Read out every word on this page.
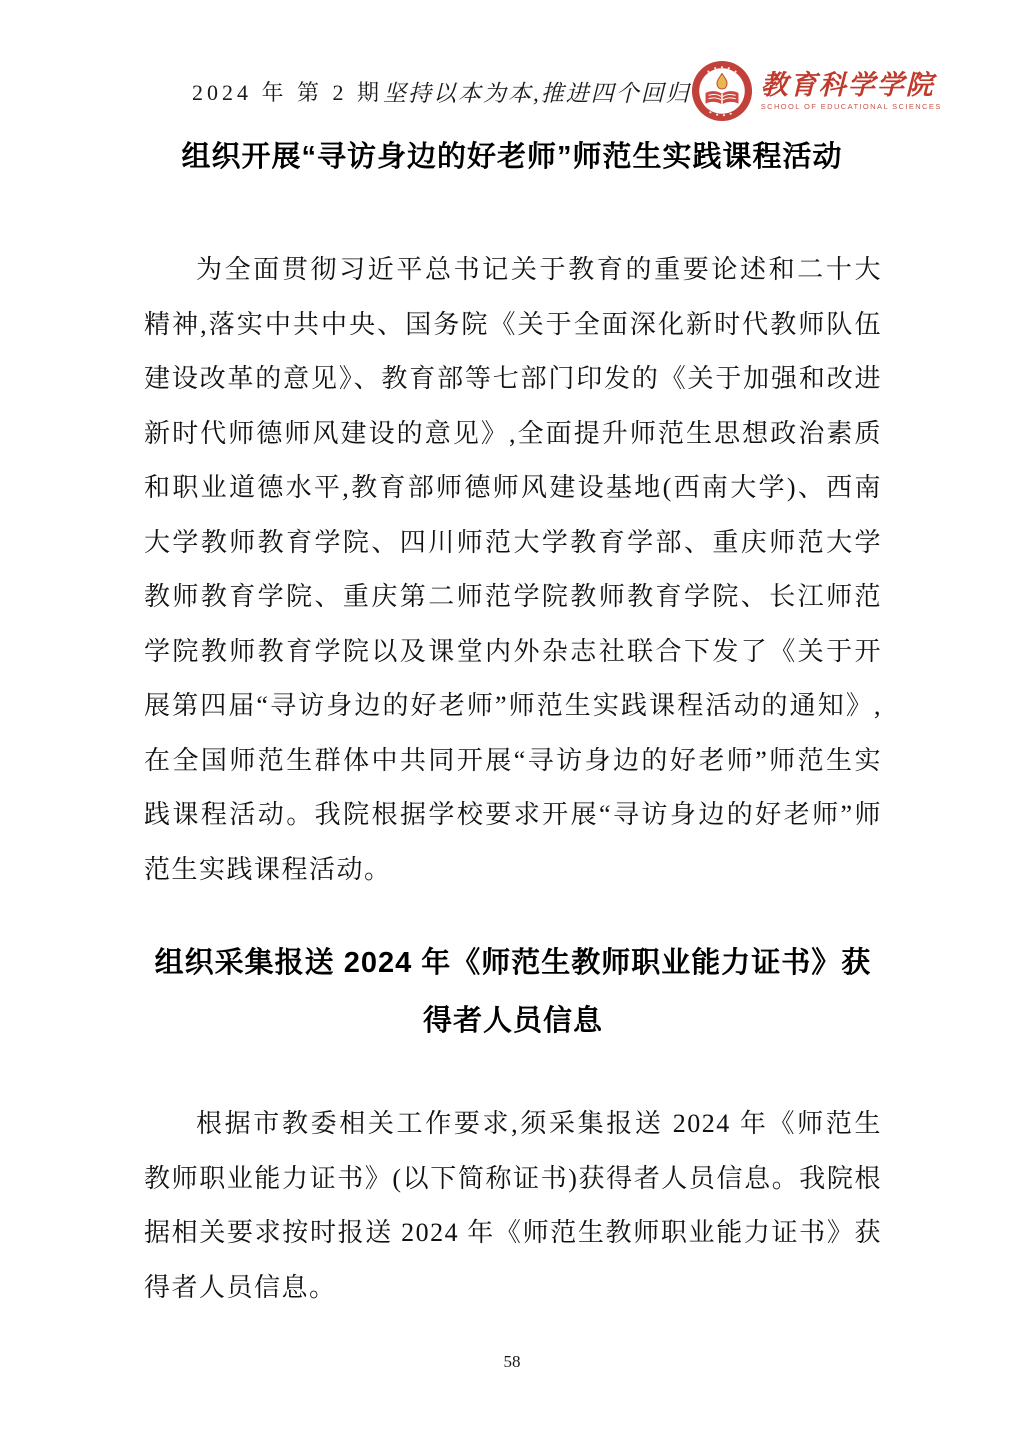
2024 年 第 2 期 坚持以本为本,推进四个回归	教育科学学院
SCHOOL OF EDUCATIONAL SCIENCES
组织开展“寻访身边的好老师”师范生实践课程活动

为全面贯彻习近平总书记关于教育的重要论述和二十大精神,落实中共中央、国务院《关于全面深化新时代教师队伍建设改革的意见》、教育部等七部门印发的《关于加强和改进新时代师德师风建设的意见》,全面提升师范生思想政治素质和职业道德水平,教育部师德师风建设基地(西南大学)、西南大学教师教育学院、四川师范大学教育学部、重庆师范大学教师教育学院、重庆第二师范学院教师教育学院、长江师范学院教师教育学院以及课堂内外杂志社联合下发了《关于开展第四届“寻访身边的好老师”师范生实践课程活动的通知》,在全国师范生群体中共同开展“寻访身边的好老师”师范生实践课程活动。我院根据学校要求开展“寻访身边的好老师”师范生实践课程活动。

组织采集报送 2024 年《师范生教师职业能力证书》获得者人员信息

根据市教委相关工作要求,须采集报送 2024 年《师范生教师职业能力证书》(以下简称证书)获得者人员信息。我院根据相关要求按时报送 2024 年《师范生教师职业能力证书》获得者人员信息。

58
